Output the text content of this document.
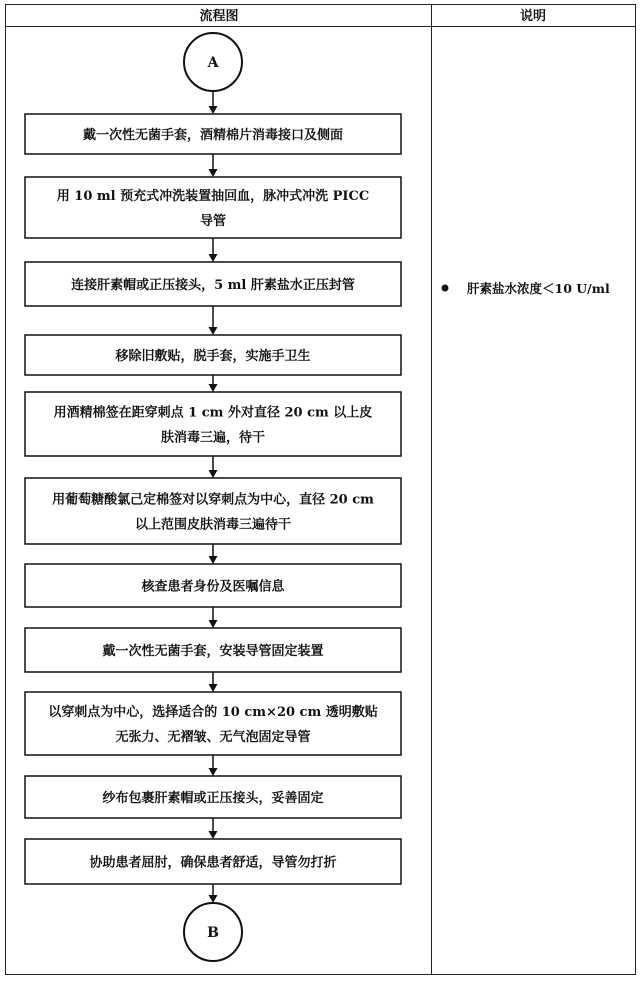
流程图	说明
A
戴一次性无菌手套，酒精棉片消毒接口及侧面
用 10 ml 预充式冲洗装置抽回血，脉冲式冲洗 PICC
导管
连接肝素帽或正压接头，5 ml 肝素盐水正压封管
移除旧敷贴，脱手套，实施手卫生
用酒精棉签在距穿刺点 1 cm 外对直径 20 cm 以上皮
肤消毒三遍，待干
用葡萄糖酸氯己定棉签对以穿刺点为中心，直径 20 cm
以上范围皮肤消毒三遍待干
核查患者身份及医嘱信息
戴一次性无菌手套，安装导管固定装置
以穿刺点为中心，选择适合的 10 cm×20 cm 透明敷贴
无张力、无褶皱、无气泡固定导管
纱布包裹肝素帽或正压接头，妥善固定
协助患者屈肘，确保患者舒适，导管勿打折
B
肝素盐水浓度＜10 U/ml
